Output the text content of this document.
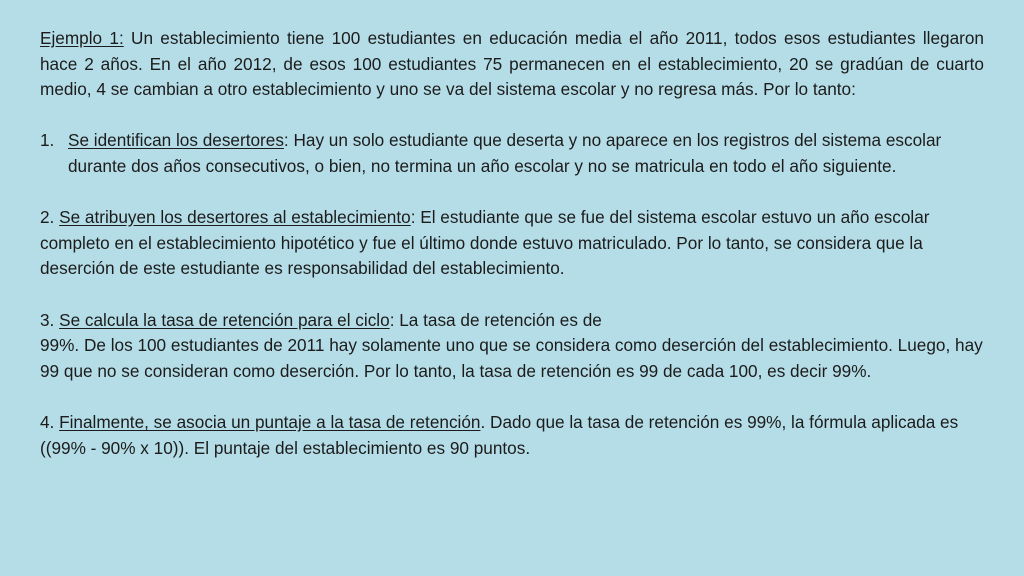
Ejemplo 1: Un establecimiento tiene 100 estudiantes en educación media el año 2011, todos esos estudiantes llegaron hace 2 años. En el año 2012, de esos 100 estudiantes 75 permanecen en el establecimiento, 20 se gradúan de cuarto medio, 4 se cambian a otro establecimiento y uno se va del sistema escolar y no regresa más. Por lo tanto:

1. Se identifican los desertores: Hay un solo estudiante que deserta y no aparece en los registros del sistema escolar durante dos años consecutivos, o bien, no termina un año escolar y no se matricula en todo el año siguiente.

2. Se atribuyen los desertores al establecimiento: El estudiante que se fue del sistema escolar estuvo un año escolar completo en el establecimiento hipotético y fue el último donde estuvo matriculado. Por lo tanto, se considera que la deserción de este estudiante es responsabilidad del establecimiento.

3. Se calcula la tasa de retención para el ciclo: La tasa de retención es de
99%. De los 100 estudiantes de 2011 hay solamente uno que se considera como deserción del establecimiento. Luego, hay 99 que no se consideran como deserción. Por lo tanto, la tasa de retención es 99 de cada 100, es decir 99%.

4. Finalmente, se asocia un puntaje a la tasa de retención. Dado que la tasa de retención es 99%, la fórmula aplicada es ((99% - 90% x 10)). El puntaje del establecimiento es 90 puntos.
